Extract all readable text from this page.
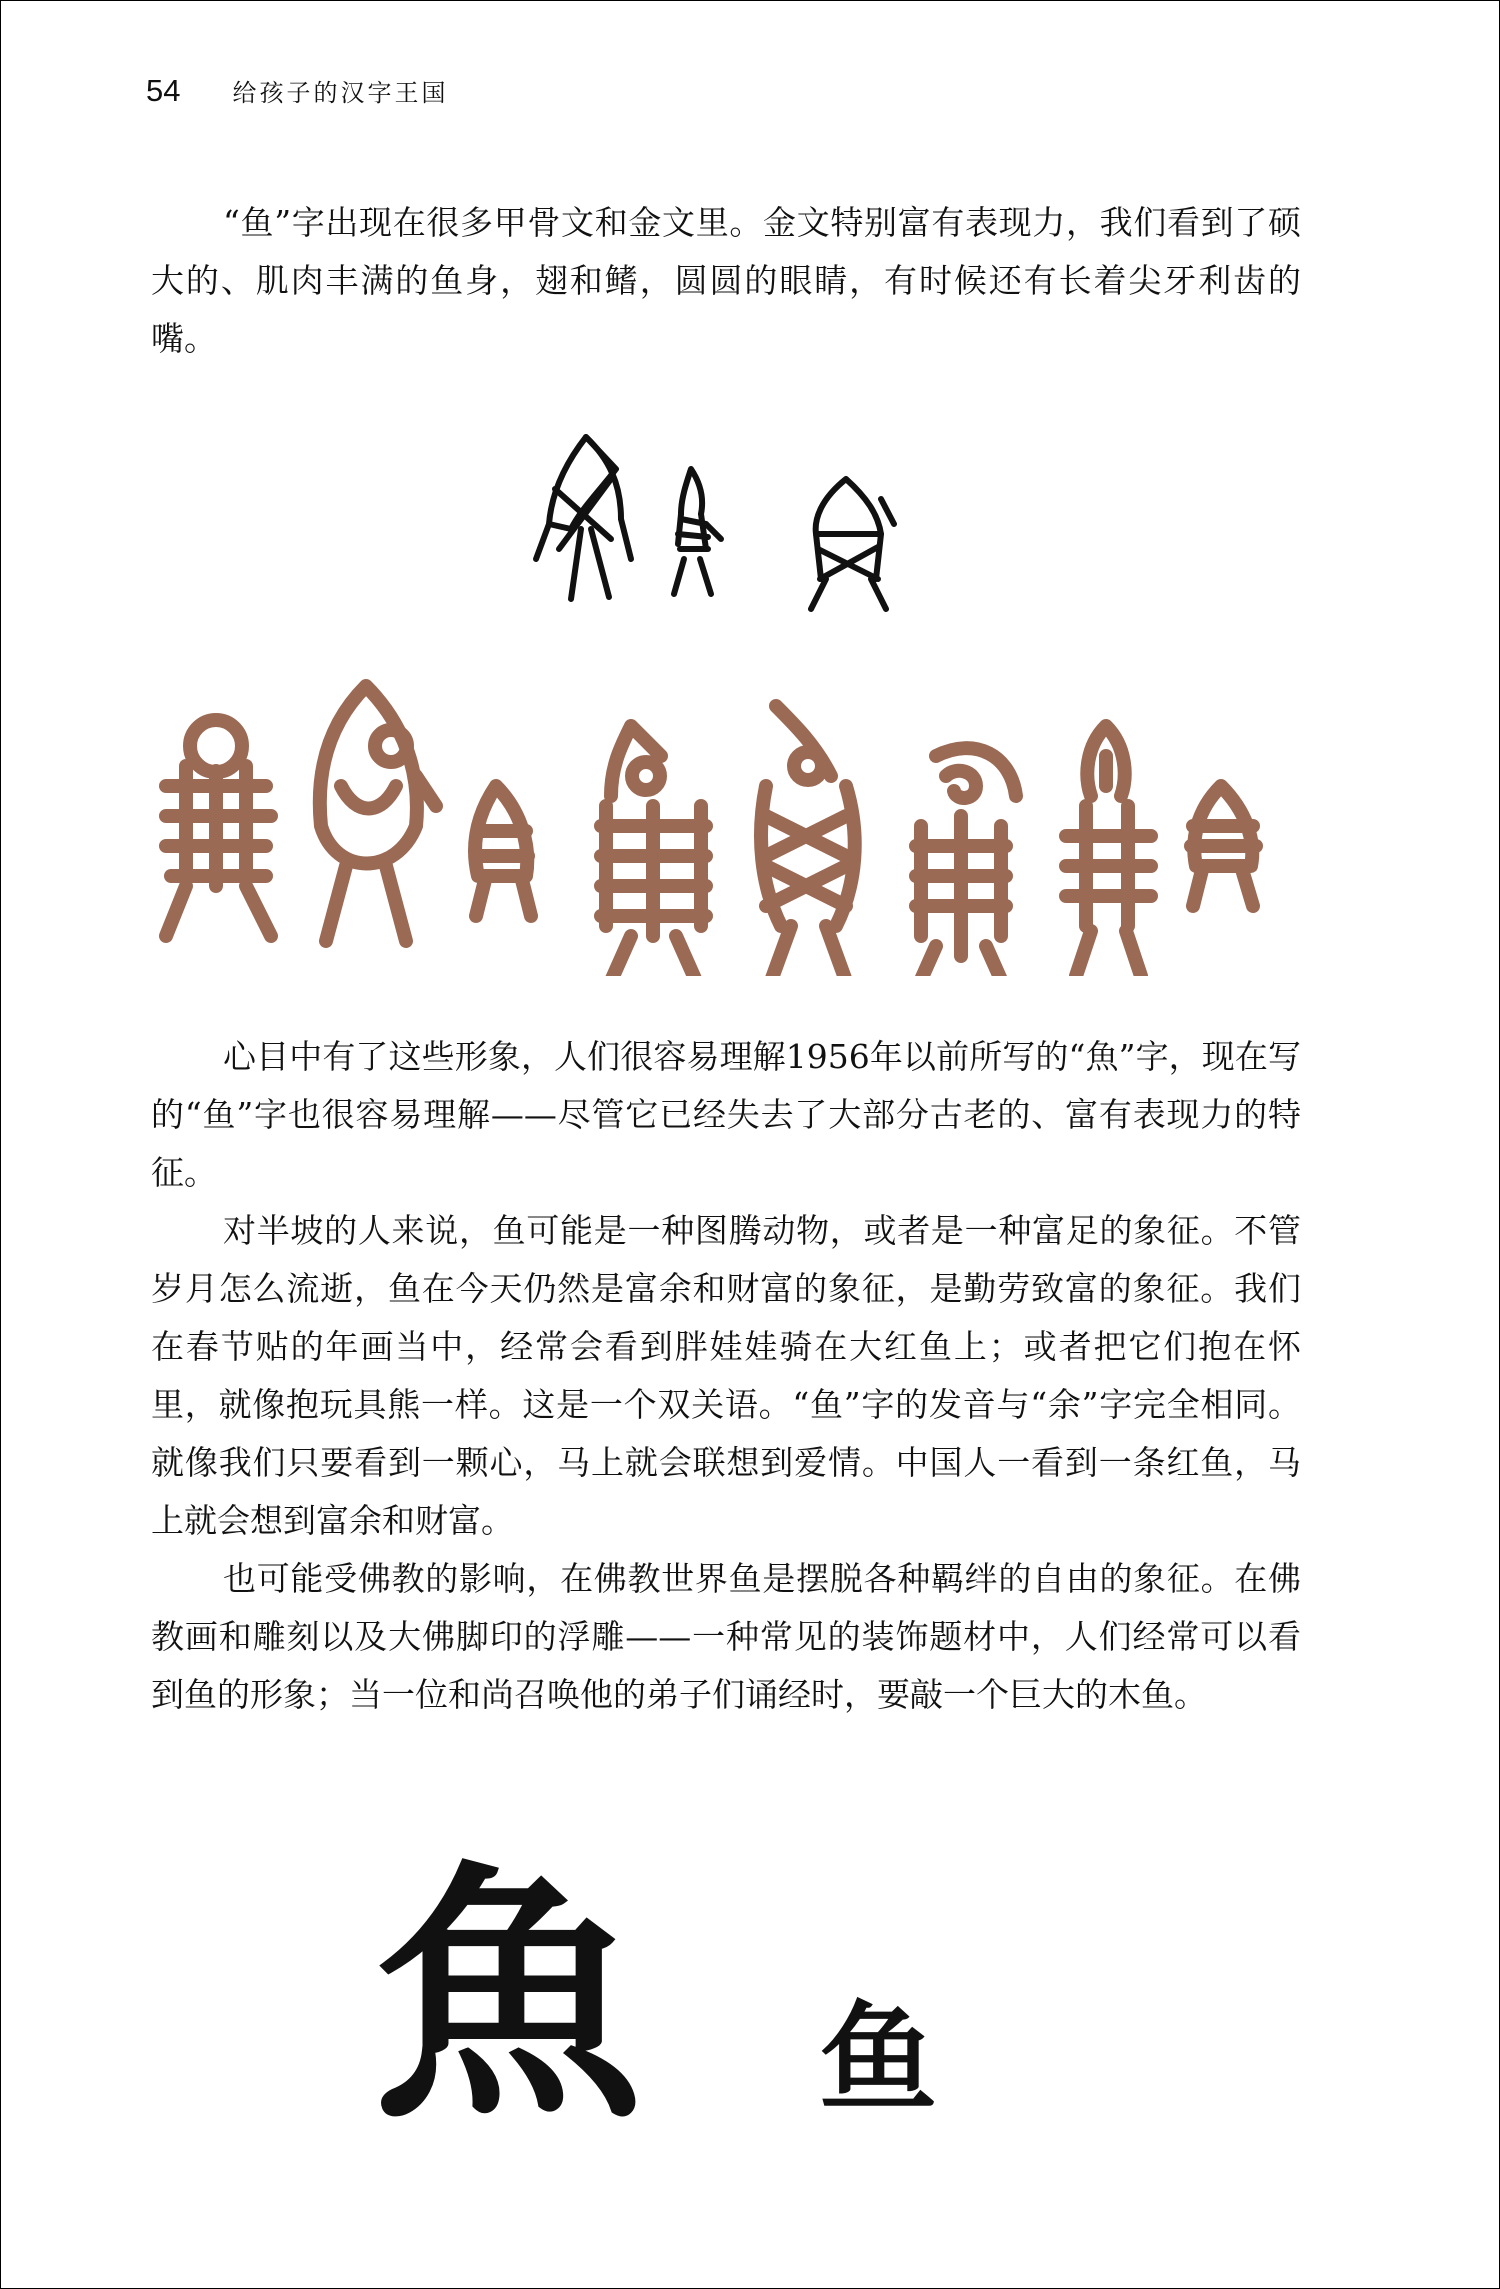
54 给孩子的汉字王国

“鱼”字出现在很多甲骨文和金文里。金文特别富有表现力，我们看到了硕大的、肌肉丰满的鱼身，翅和鳍，圆圆的眼睛，有时候还有长着尖牙利齿的嘴。

心目中有了这些形象，人们很容易理解1956年以前所写的“魚”字，现在写的“鱼”字也很容易理解——尽管它已经失去了大部分古老的、富有表现力的特征。

对半坡的人来说，鱼可能是一种图腾动物，或者是一种富足的象征。不管岁月怎么流逝，鱼在今天仍然是富余和财富的象征，是勤劳致富的象征。我们在春节贴的年画当中，经常会看到胖娃娃骑在大红鱼上；或者把它们抱在怀里，就像抱玩具熊一样。这是一个双关语。“鱼”字的发音与“余”字完全相同。就像我们只要看到一颗心，马上就会联想到爱情。中国人一看到一条红鱼，马上就会想到富余和财富。

也可能受佛教的影响，在佛教世界鱼是摆脱各种羁绊的自由的象征。在佛教画和雕刻以及大佛脚印的浮雕——一种常见的装饰题材中，人们经常可以看到鱼的形象；当一位和尚召唤他的弟子们诵经时，要敲一个巨大的木鱼。

魚 鱼
